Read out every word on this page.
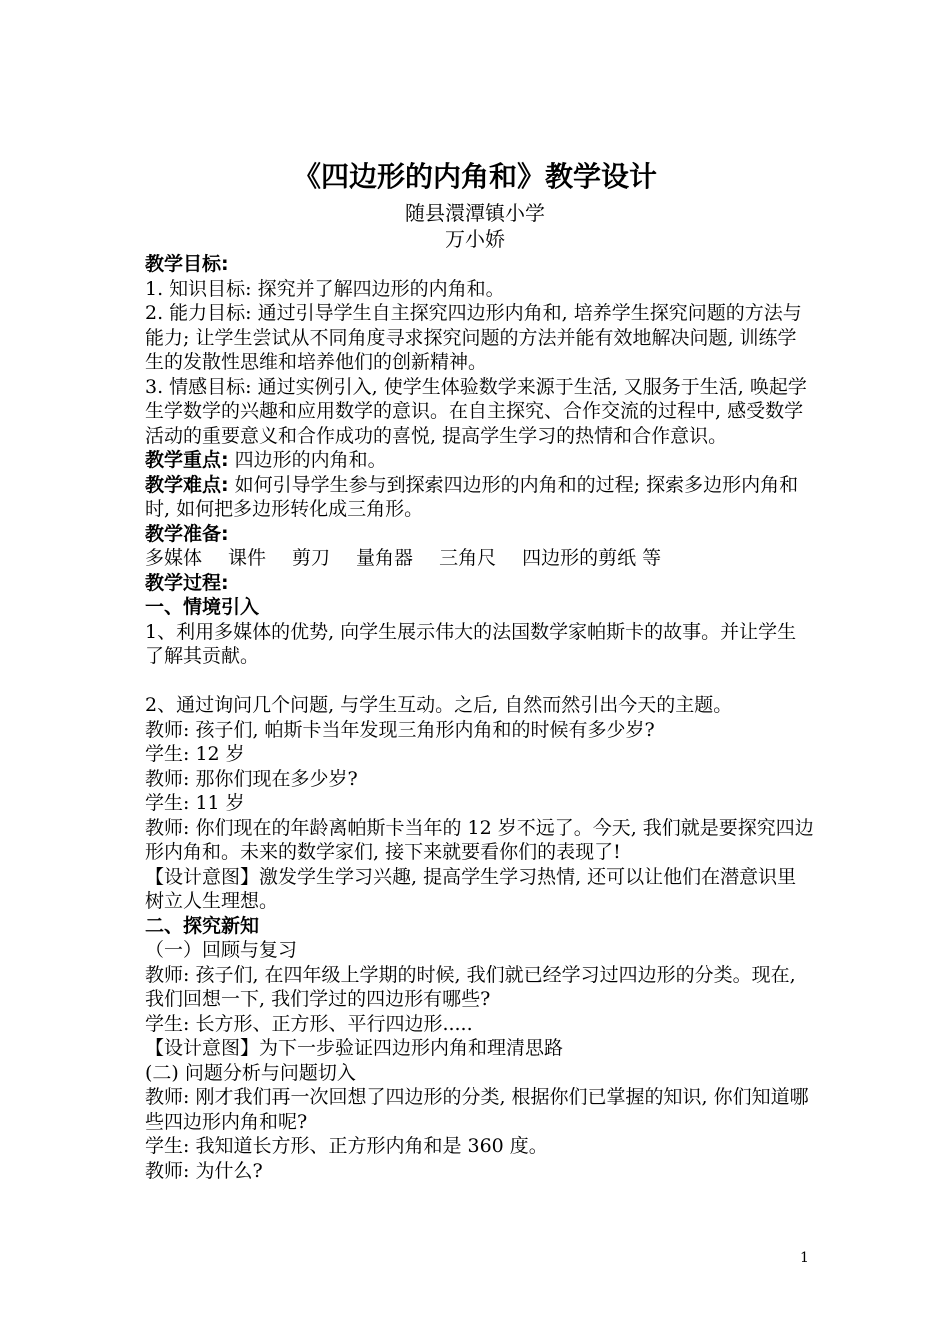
《四边形的内角和》教学设计
随县澴潭镇小学
万小娇

教学目标:

1. 知识目标: 探究并了解四边形的内角和。

2. 能力目标: 通过引导学生自主探究四边形内角和, 培养学生探究问题的方法与能力; 让学生尝试从不同角度寻求探究问题的方法并能有效地解决问题, 训练学生的发散性思维和培养他们的创新精神。

3. 情感目标: 通过实例引入, 使学生体验数学来源于生活, 又服务于生活, 唤起学生学数学的兴趣和应用数学的意识。在自主探究、合作交流的过程中, 感受数学活动的重要意义和合作成功的喜悦, 提高学生学习的热情和合作意识。

教学重点: 四边形的内角和。

教学难点: 如何引导学生参与到探索四边形的内角和的过程; 探索多边形内角和时, 如何把多边形转化成三角形。

教学准备:

多媒体 课件 剪刀 量角器 三角尺 四边形的剪纸 等

教学过程:

一、情境引入

1、利用多媒体的优势, 向学生展示伟大的法国数学家帕斯卡的故事。并让学生了解其贡献。

2、通过询问几个问题, 与学生互动。之后, 自然而然引出今天的主题。

教师: 孩子们, 帕斯卡当年发现三角形内角和的时候有多少岁?

学生: 12 岁

教师: 那你们现在多少岁?

学生: 11 岁

教师: 你们现在的年龄离帕斯卡当年的 12 岁不远了。今天, 我们就是要探究四边形内角和。未来的数学家们, 接下来就要看你们的表现了!

【设计意图】激发学生学习兴趣, 提高学生学习热情, 还可以让他们在潜意识里树立人生理想。

二、探究新知

（一）回顾与复习

教师: 孩子们, 在四年级上学期的时候, 我们就已经学习过四边形的分类。现在, 我们回想一下, 我们学过的四边形有哪些?

学生: 长方形、正方形、平行四边形.....

【设计意图】为下一步验证四边形内角和理清思路

(二) 问题分析与问题切入

教师: 刚才我们再一次回想了四边形的分类, 根据你们已掌握的知识, 你们知道哪些四边形内角和呢?

学生: 我知道长方形、正方形内角和是 360 度。

教师: 为什么?

1
